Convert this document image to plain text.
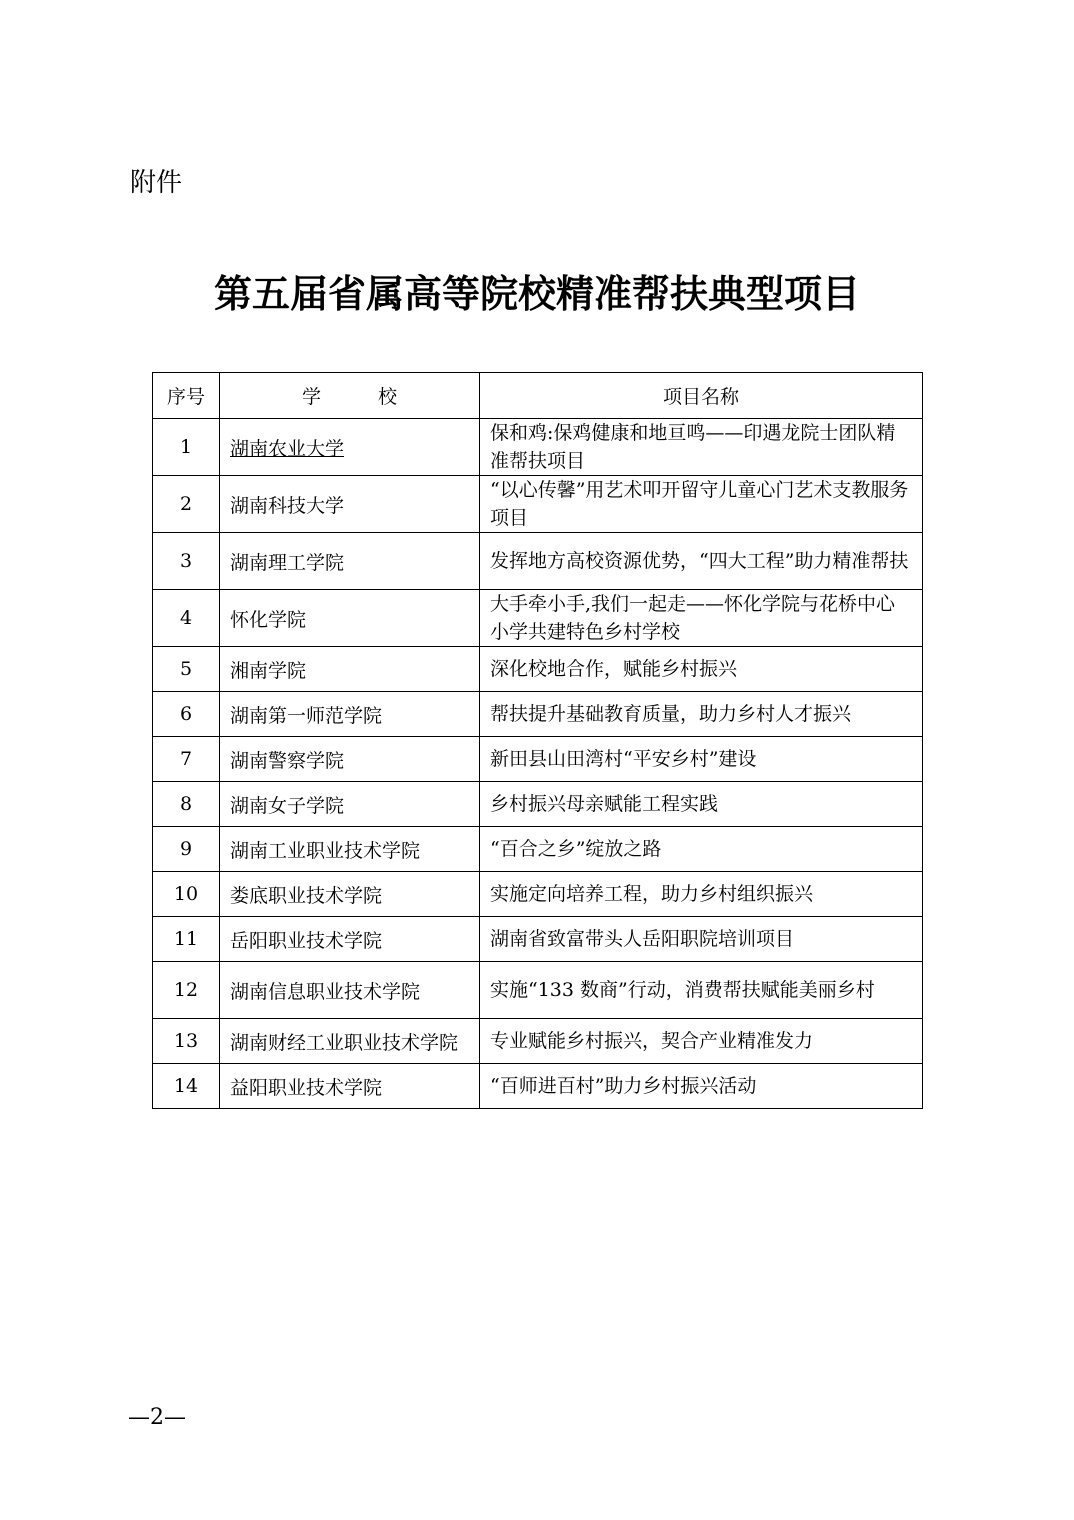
附件
第五届省属高等院校精准帮扶典型项目
序号	学　　　校	项目名称
1	湖南农业大学	保和鸡:保鸡健康和地亘鸣——印遇龙院士团队精准帮扶项目
2	湖南科技大学	“以心传馨”用艺术叩开留守儿童心门艺术支教服务项目
3	湖南理工学院	发挥地方高校资源优势，“四大工程”助力精准帮扶
4	怀化学院	大手牵小手,我们一起走——怀化学院与花桥中心小学共建特色乡村学校
5	湘南学院	深化校地合作，赋能乡村振兴
6	湖南第一师范学院	帮扶提升基础教育质量，助力乡村人才振兴
7	湖南警察学院	新田县山田湾村“平安乡村”建设
8	湖南女子学院	乡村振兴母亲赋能工程实践
9	湖南工业职业技术学院	“百合之乡”绽放之路
10	娄底职业技术学院	实施定向培养工程，助力乡村组织振兴
11	岳阳职业技术学院	湖南省致富带头人岳阳职院培训项目
12	湖南信息职业技术学院	实施“133 数商”行动，消费帮扶赋能美丽乡村
13	湖南财经工业职业技术学院	专业赋能乡村振兴，契合产业精准发力
14	益阳职业技术学院	“百师进百村”助力乡村振兴活动
—2—
